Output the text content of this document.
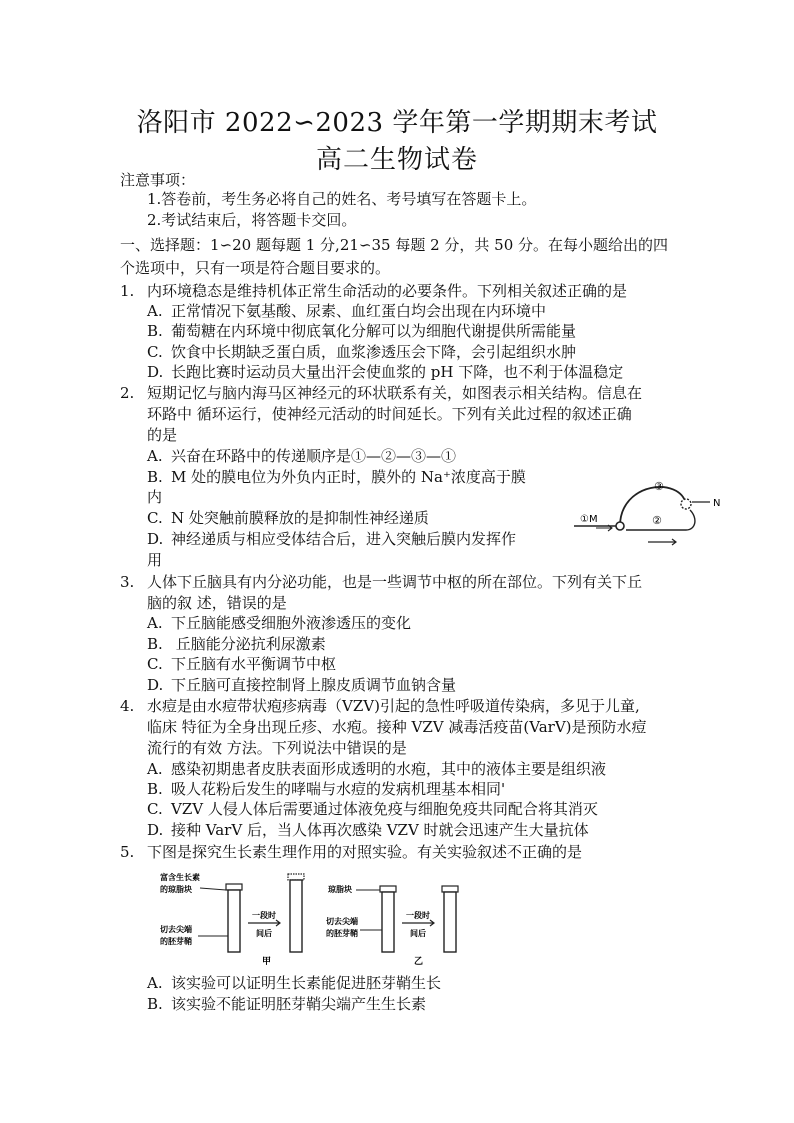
洛阳市 2022∽2023 学年第一学期期末考试
高二生物试卷
注意事项：
1.答卷前，考生务必将自己的姓名、考号填写在答题卡上。
2.考试结束后，将答题卡交回。
一、选择题：1∽20 题每题 1 分,21∽35 每题 2 分，共 50 分。在每小题给出的四
个选项中，只有一项是符合题目要求的。
1. 内环境稳态是维持机体正常生命活动的必要条件。下列相关叙述正确的是
A. 正常情况下氨基酸、尿素、血红蛋白均会出现在内环境中
B. 葡萄糖在内环境中彻底氧化分解可以为细胞代谢提供所需能量
C. 饮食中长期缺乏蛋白质，血浆渗透压会下降，会引起组织水肿
D. 长跑比赛时运动员大量出汗会使血浆的 pH 下降，也不利于体温稳定
2. 短期记忆与脑内海马区神经元的环状联系有关，如图表示相关结构。信息在
环路中 循环运行，使神经元活动的时间延长。下列有关此过程的叙述正确
的是
A. 兴奋在环路中的传递顺序是①—②—③—①
B. M 处的膜电位为外负内正时，膜外的 Na⁺浓度高于膜
内
C. N 处突触前膜释放的是抑制性神经递质
D. 神经递质与相应受体结合后，进入突触后膜内发挥作
用
①M	②
③
N
3. 人体下丘脑具有内分泌功能，也是一些调节中枢的所在部位。下列有关下丘
脑的叙 述，错误的是
A. 下丘脑能感受细胞外液渗透压的变化
B. 丘脑能分泌抗利尿激素
C. 下丘脑有水平衡调节中枢
D. 下丘脑可直接控制肾上腺皮质调节血钠含量
4. 水痘是由水痘带状疱疹病毒（VZV)引起的急性呼吸道传染病，多见于儿童,
临床 特征为全身出现丘疹、水疱。接种 VZV 减毒活疫苗(VarV)是预防水痘
流行的有效 方法。下列说法中错误的是
A. 感染初期患者皮肤表面形成透明的水疱，其中的液体主要是组织液
B. 吸人花粉后发生的哮喘与水痘的发病机理基本相同'
C. VZV 人侵人体后需要通过体液免疫与细胞免疫共同配合将其消灭
D. 接种 VarV 后，当人体再次感染 VZV 时就会迅速产生大量抗体
5. 下图是探究生长素生理作用的对照实验。有关实验叙述不正确的是
富含生长素
的琼脂块
切去尖端
的胚芽鞘
一段时
间后
甲
琼脂块
切去尖端
的胚芽鞘
一段时
间后
乙
A. 该实验可以证明生长素能促进胚芽鞘生长
B. 该实验不能证明胚芽鞘尖端产生生长素
